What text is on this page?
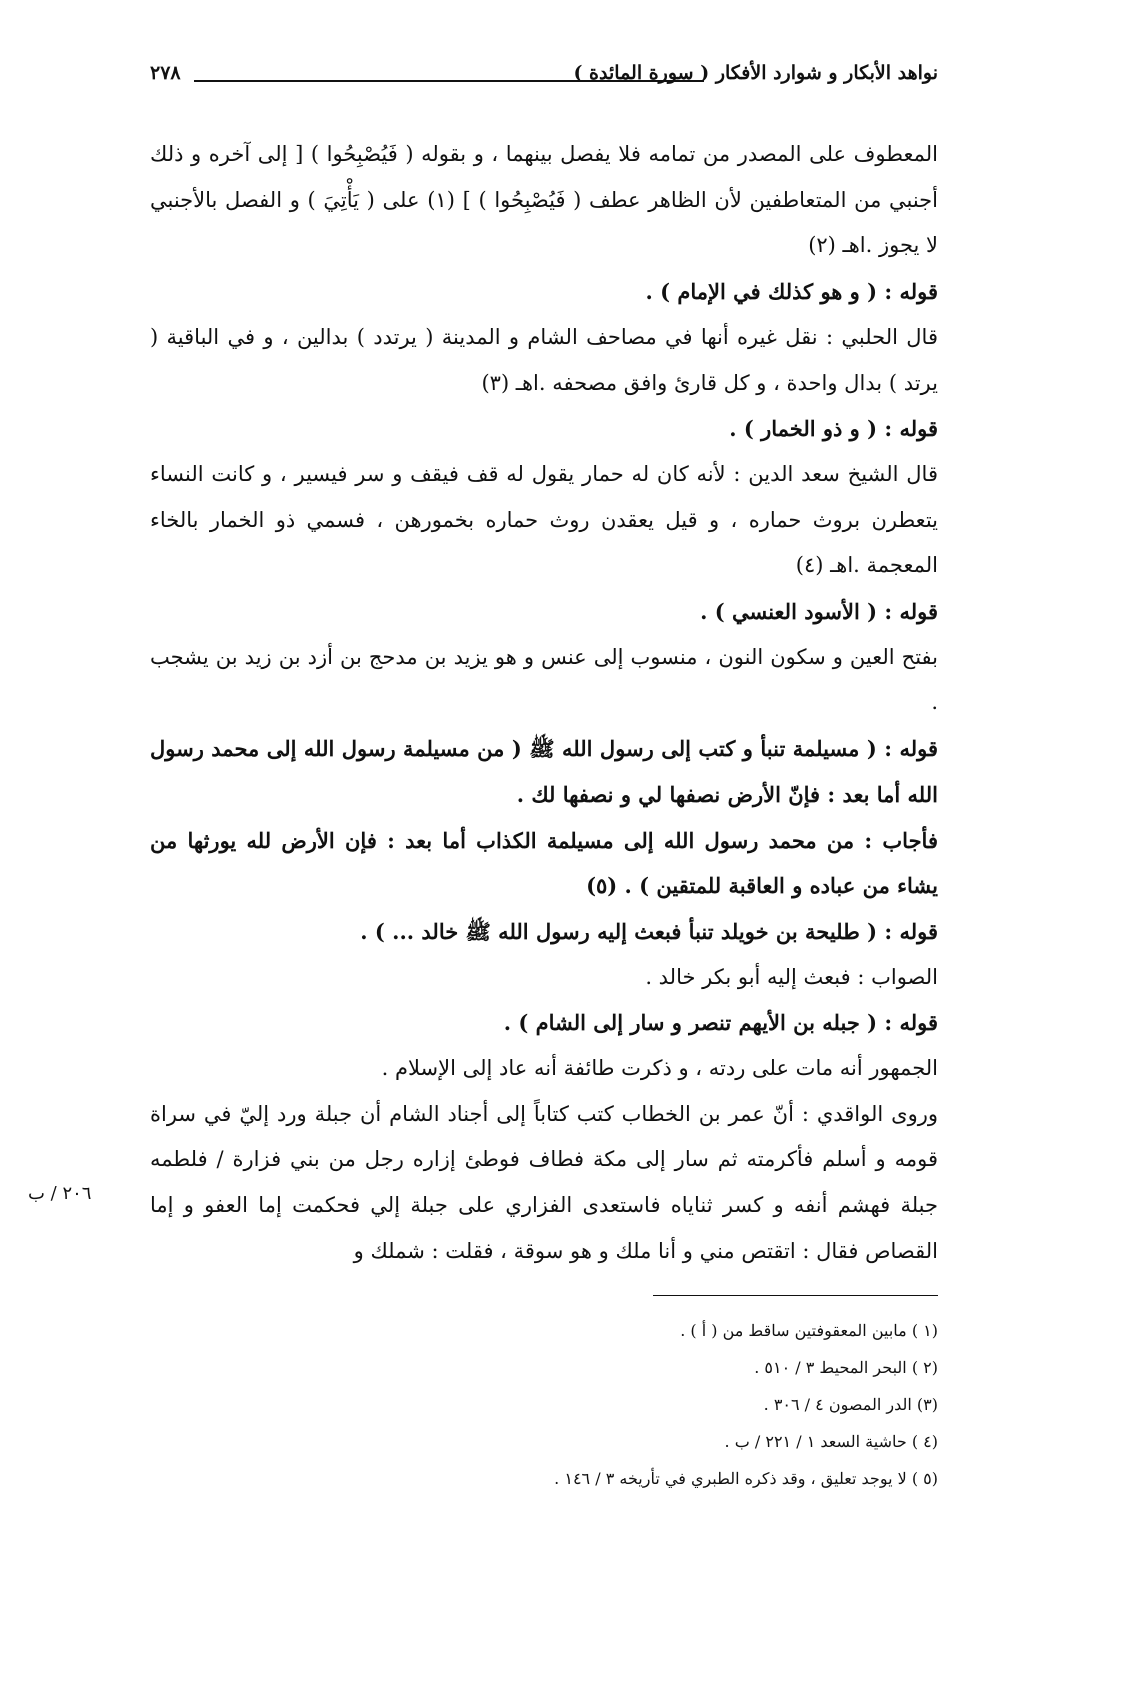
نواهد الأبكار و شوارد الأفكار ( سورة المائدة )
٢٧٨

المعطوف على المصدر من تمامه فلا يفصل بينهما ، و بقوله ( فَيُصْبِحُوا ) [ إلى آخره و ذلك أجنبي من المتعاطفين لأن الظاهر عطف ( فَيُصْبِحُوا ) ] (١) على ( يَأْتِيَ ) و الفصل بالأجنبي لا يجوز .اهـ (٢)

قوله : ( و هو كذلك في الإمام ) .

قال الحلبي : نقل غيره أنها في مصاحف الشام و المدينة ( يرتدد ) بدالين ، و في الباقية ( يرتد ) بدال واحدة ، و كل قارئ وافق مصحفه .اهـ (٣)

قوله : ( و ذو الخمار ) .

قال الشيخ سعد الدين : لأنه كان له حمار يقول له قف فيقف و سر فيسير ، و كانت النساء يتعطرن بروث حماره ، و قيل يعقدن روث حماره بخمورهن ، فسمي ذو الخمار بالخاء المعجمة .اهـ (٤)

قوله : ( الأسود العنسي ) .

بفتح العين و سكون النون ، منسوب إلى عنس و هو يزيد بن مدحج بن أزد بن زيد بن يشجب .

قوله : ( مسيلمة تنبأ و كتب إلى رسول الله ﷺ ( من مسيلمة رسول الله إلى محمد رسول الله أما بعد : فإنّ الأرض نصفها لي و نصفها لك .

فأجاب : من محمد رسول الله إلى مسيلمة الكذاب أما بعد : فإن الأرض لله يورثها من يشاء من عباده و العاقبة للمتقين ) . (٥)

قوله : ( طليحة بن خويلد تنبأ فبعث إليه رسول الله ﷺ خالد ... ) .

الصواب : فبعث إليه أبو بكر خالد .

قوله : ( جبله بن الأيهم تنصر و سار إلى الشام ) .

الجمهور أنه مات على ردته ، و ذكرت طائفة أنه عاد إلى الإسلام .

وروى الواقدي : أنّ عمر بن الخطاب كتب كتاباً إلى أجناد الشام أن جبلة ورد إليّ في سراة قومه و أسلم فأكرمته ثم سار إلى مكة فطاف فوطئ إزاره رجل من بني فزارة / فلطمه جبلة فهشم أنفه و كسر ثناياه فاستعدى الفزاري على جبلة إلي فحكمت إما العفو و إما القصاص فقال : اتقتص مني و أنا ملك و هو سوقة ، فقلت : شملك و

٢٠٦ / ب
(١ ) مابين المعقوفتين ساقط من ( أ ) .
(٢ ) البحر المحيط ٣ / ٥١٠ .
(٣) الدر المصون ٤ / ٣٠٦ .
(٤ ) حاشية السعد ١ / ٢٢١ / ب .
(٥ ) لا يوجد تعليق ، وقد ذكره الطبري في تأريخه ٣ / ١٤٦ .
